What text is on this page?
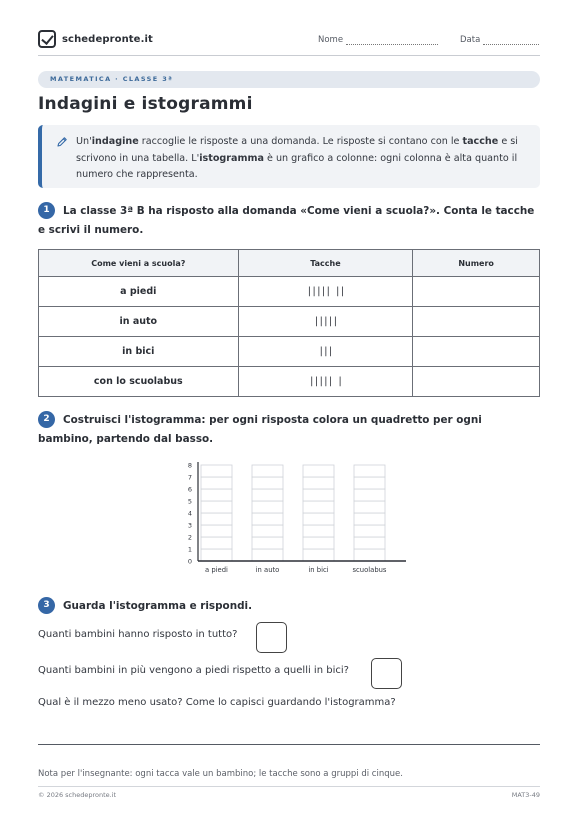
schedepronte.it	Nome	Data
MATEMATICA · CLASSE 3ª
Indagini e istogrammi

Un'indagine raccoglie le risposte a una domanda. Le risposte si contano con le tacche e si scrivono in una tabella. L'istogramma è un grafico a colonne: ogni colonna è alta quanto il numero che rappresenta.

1 La classe 3ª B ha risposto alla domanda «Come vieni a scuola?». Conta le tacche e scrivi il numero.
Come vieni a scuola?	Tacche	Numero
a piedi	||||| ||	
in auto	|||||	
in bici	|||	
con lo scuolabus	||||| |	
2 Costruisci l'istogramma: per ogni risposta colora un quadretto per ogni bambino, partendo dal basso.
0
1
2
3
4
5
6
7
8
a piedi	in auto	in bici	scuolabus
3 Guarda l'istogramma e rispondi.
Quanti bambini hanno risposto in tutto?
Quanti bambini in più vengono a piedi rispetto a quelli in bici?
Qual è il mezzo meno usato? Come lo capisci guardando l'istogramma?
Nota per l'insegnante: ogni tacca vale un bambino; le tacche sono a gruppi di cinque.
© 2026 schedepronte.it	MAT3-49
